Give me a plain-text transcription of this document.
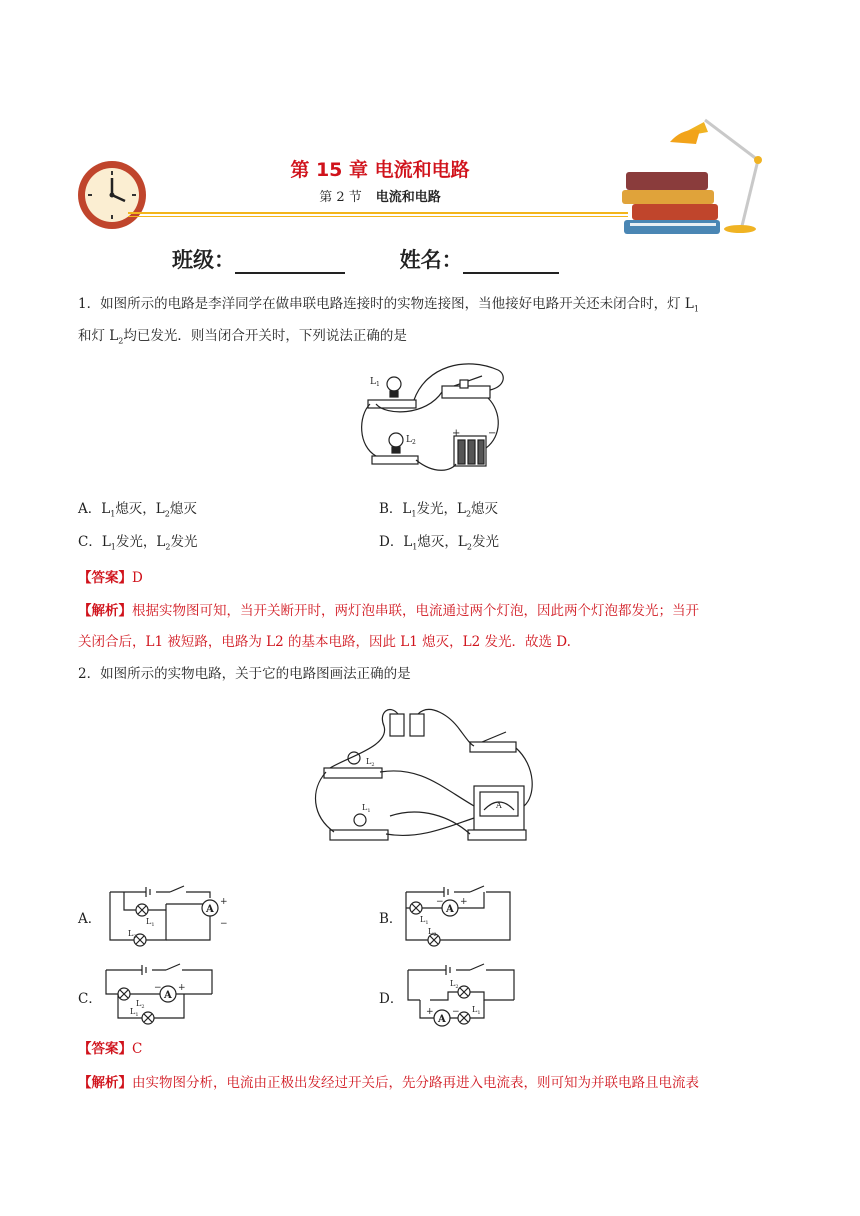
第 15 章 电流和电路
第 2 节 电流和电路
班级：	姓名：
1．如图所示的电路是李洋同学在做串联电路连接时的实物连接图，当他接好电路开关还未闭合时，灯 $L_1$
和灯 $L_2$均已发光．则当闭合开关时，下列说法正确的是
$L_1$
$L_2$
+	−
A．$L_1$熄灭，$L_2$熄灭	B．$L_1$发光，$L_2$熄灭
C．$L_1$发光，$L_2$发光	D．$L_1$熄灭，$L_2$发光
【答案】D
【解析】根据实物图可知，当开关断开时，两灯泡串联，电流通过两个灯泡，因此两个灯泡都发光；当开
关闭合后，L1 被短路，电路为 L2 的基本电路，因此 L1 熄灭，L2 发光．故选 D.
2．如图所示的实物电路，关于它的电路图画法正确的是
$L_2$
$L_1$
A
A．
A
+
−
$L_1$
$L_2$
B．
A
− +
$L_1$
$L_2$
C．	A
− +
$L_2$
$L_1$
D．
A
+ −
$L_2$
$L_1$
【答案】C
【解析】由实物图分析，电流由正极出发经过开关后，先分路再进入电流表，则可知为并联电路且电流表
